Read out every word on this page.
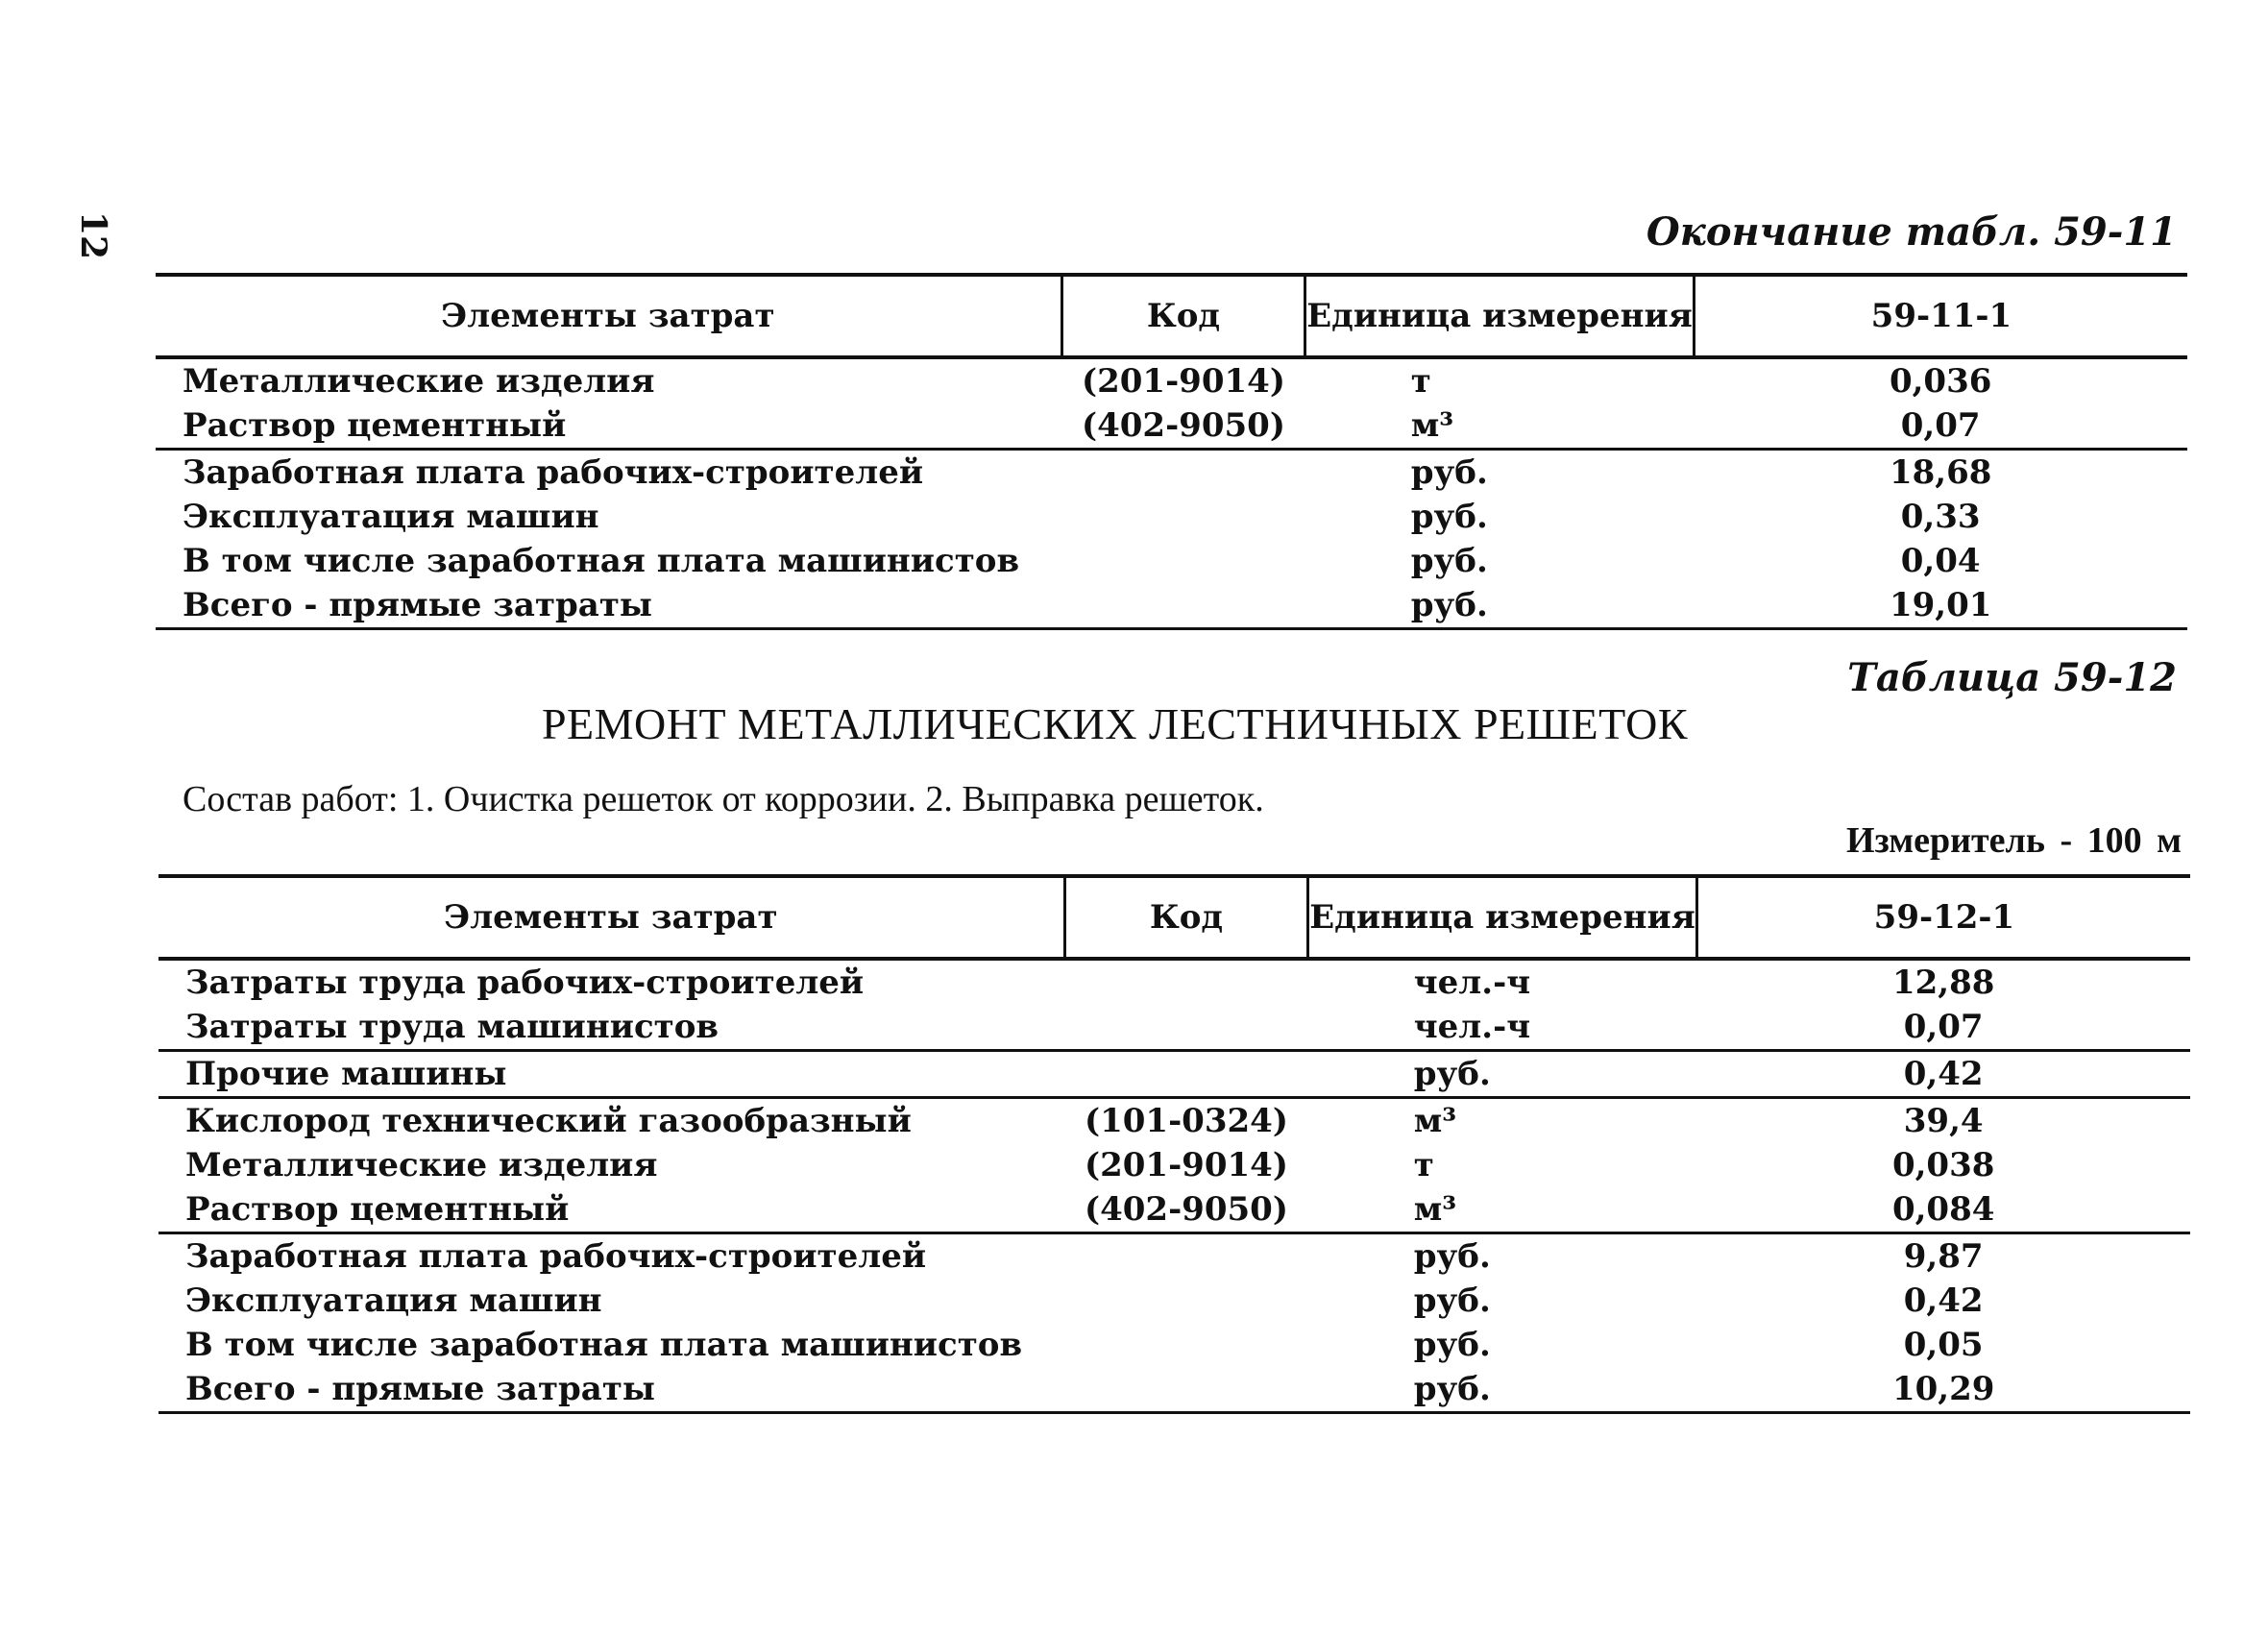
12	Окончание табл. 59-11
Элементы затрат	Код	Единица измерения	59-11-1
Металлические изделия	(201-9014)	т	0,036
Раствор цементный	(402-9050)	м³	0,07
Заработная плата рабочих-строителей		руб.	18,68
Эксплуатация машин		руб.	0,33
В том числе заработная плата машинистов		руб.	0,04
Всего - прямые затраты		руб.	19,01
Таблица 59-12
РЕМОНТ МЕТАЛЛИЧЕСКИХ ЛЕСТНИЧНЫХ РЕШЕТОК
Состав работ: 1. Очистка решеток от коррозии. 2. Выправка решеток.
Измеритель - 100 м
Элементы затрат	Код	Единица измерения	59-12-1
Затраты труда рабочих-строителей		чел.-ч	12,88
Затраты труда машинистов		чел.-ч	0,07
Прочие машины		руб.	0,42
Кислород технический газообразный	(101-0324)	м³	39,4
Металлические изделия	(201-9014)	т	0,038
Раствор цементный	(402-9050)	м³	0,084
Заработная плата рабочих-строителей		руб.	9,87
Эксплуатация машин		руб.	0,42
В том числе заработная плата машинистов		руб.	0,05
Всего - прямые затраты		руб.	10,29
